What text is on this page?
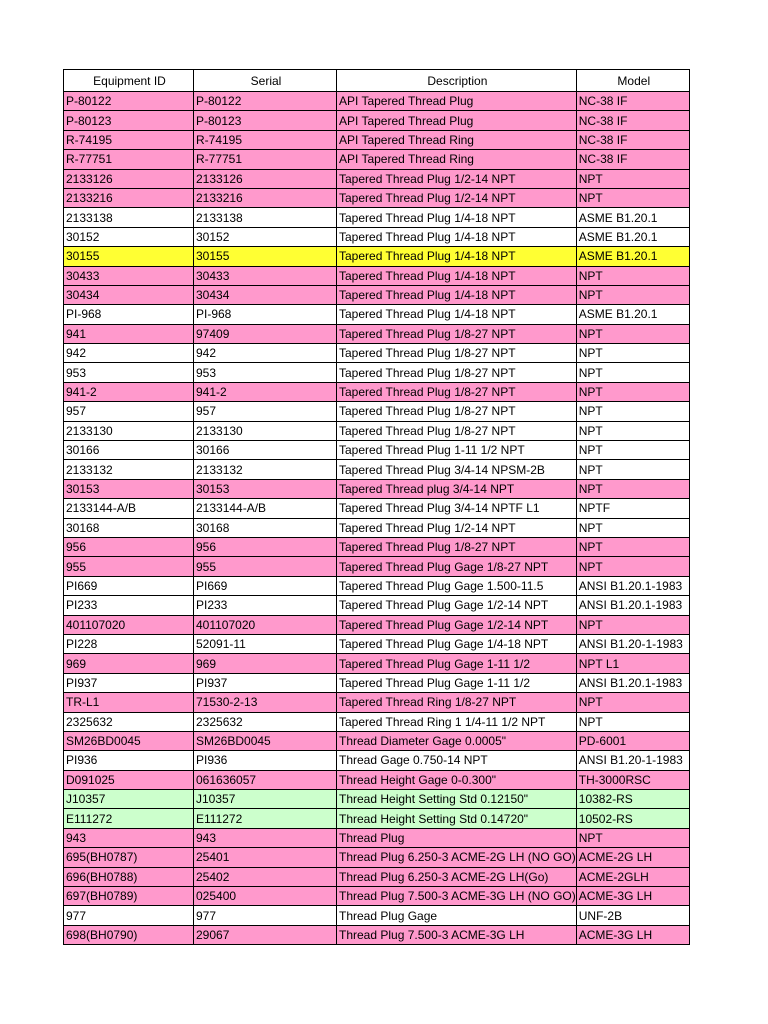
Equipment ID	Serial	Description	Model
P-80122	P-80122	API Tapered Thread Plug	NC-38 IF
P-80123	P-80123	API Tapered Thread Plug	NC-38 IF
R-74195	R-74195	API Tapered Thread Ring	NC-38 IF
R-77751	R-77751	API Tapered Thread Ring	NC-38 IF
2133126	2133126	Tapered Thread Plug 1/2-14 NPT	NPT
2133216	2133216	Tapered Thread Plug 1/2-14 NPT	NPT
2133138	2133138	Tapered Thread Plug 1/4-18 NPT	ASME B1.20.1
30152	30152	Tapered Thread Plug 1/4-18 NPT	ASME B1.20.1
30155	30155	Tapered Thread Plug 1/4-18 NPT	ASME B1.20.1
30433	30433	Tapered Thread Plug 1/4-18 NPT	NPT
30434	30434	Tapered Thread Plug 1/4-18 NPT	NPT
PI-968	PI-968	Tapered Thread Plug 1/4-18 NPT	ASME B1.20.1
941	97409	Tapered Thread Plug 1/8-27 NPT	NPT
942	942	Tapered Thread Plug 1/8-27 NPT	NPT
953	953	Tapered Thread Plug 1/8-27 NPT	NPT
941-2	941-2	Tapered Thread Plug 1/8-27 NPT	NPT
957	957	Tapered Thread Plug 1/8-27 NPT	NPT
2133130	2133130	Tapered Thread Plug 1/8-27 NPT	NPT
30166	30166	Tapered Thread Plug 1-11 1/2 NPT	NPT
2133132	2133132	Tapered Thread Plug 3/4-14 NPSM-2B	NPT
30153	30153	Tapered Thread plug 3/4-14 NPT	NPT
2133144-A/B	2133144-A/B	Tapered Thread Plug 3/4-14 NPTF L1	NPTF
30168	30168	Tapered Thread Plug 1/2-14 NPT	NPT
956	956	Tapered Thread Plug 1/8-27 NPT	NPT
955	955	Tapered Thread Plug Gage 1/8-27 NPT	NPT
PI669	PI669	Tapered Thread Plug Gage 1.500-11.5	ANSI B1.20.1-1983
PI233	PI233	Tapered Thread Plug Gage 1/2-14 NPT	ANSI B1.20.1-1983
401107020	401107020	Tapered Thread Plug Gage 1/2-14 NPT	NPT
PI228	52091-11	Tapered Thread Plug Gage 1/4-18 NPT	ANSI B1.20-1-1983
969	969	Tapered Thread Plug Gage 1-11 1/2	NPT L1
PI937	PI937	Tapered Thread Plug Gage 1-11 1/2	ANSI B1.20.1-1983
TR-L1	71530-2-13	Tapered Thread Ring 1/8-27 NPT	NPT
2325632	2325632	Tapered Thread Ring 1 1/4-11 1/2 NPT	NPT
SM26BD0045	SM26BD0045	Thread Diameter Gage 0.0005"	PD-6001
PI936	PI936	Thread Gage 0.750-14 NPT	ANSI B1.20-1-1983
D091025	061636057	Thread Height Gage 0-0.300"	TH-3000RSC
J10357	J10357	Thread Height Setting Std 0.12150"	10382-RS
E111272	E111272	Thread Height Setting Std 0.14720"	10502-RS
943	943	Thread Plug	NPT
695(BH0787)	25401	Thread Plug 6.250-3 ACME-2G LH (NO GO)	ACME-2G LH
696(BH0788)	25402	Thread Plug 6.250-3 ACME-2G LH(Go)	ACME-2GLH
697(BH0789)	025400	Thread Plug 7.500-3 ACME-3G LH (NO GO)	ACME-3G LH
977	977	Thread Plug Gage	UNF-2B
698(BH0790)	29067	Thread Plug 7.500-3 ACME-3G LH	ACME-3G LH
